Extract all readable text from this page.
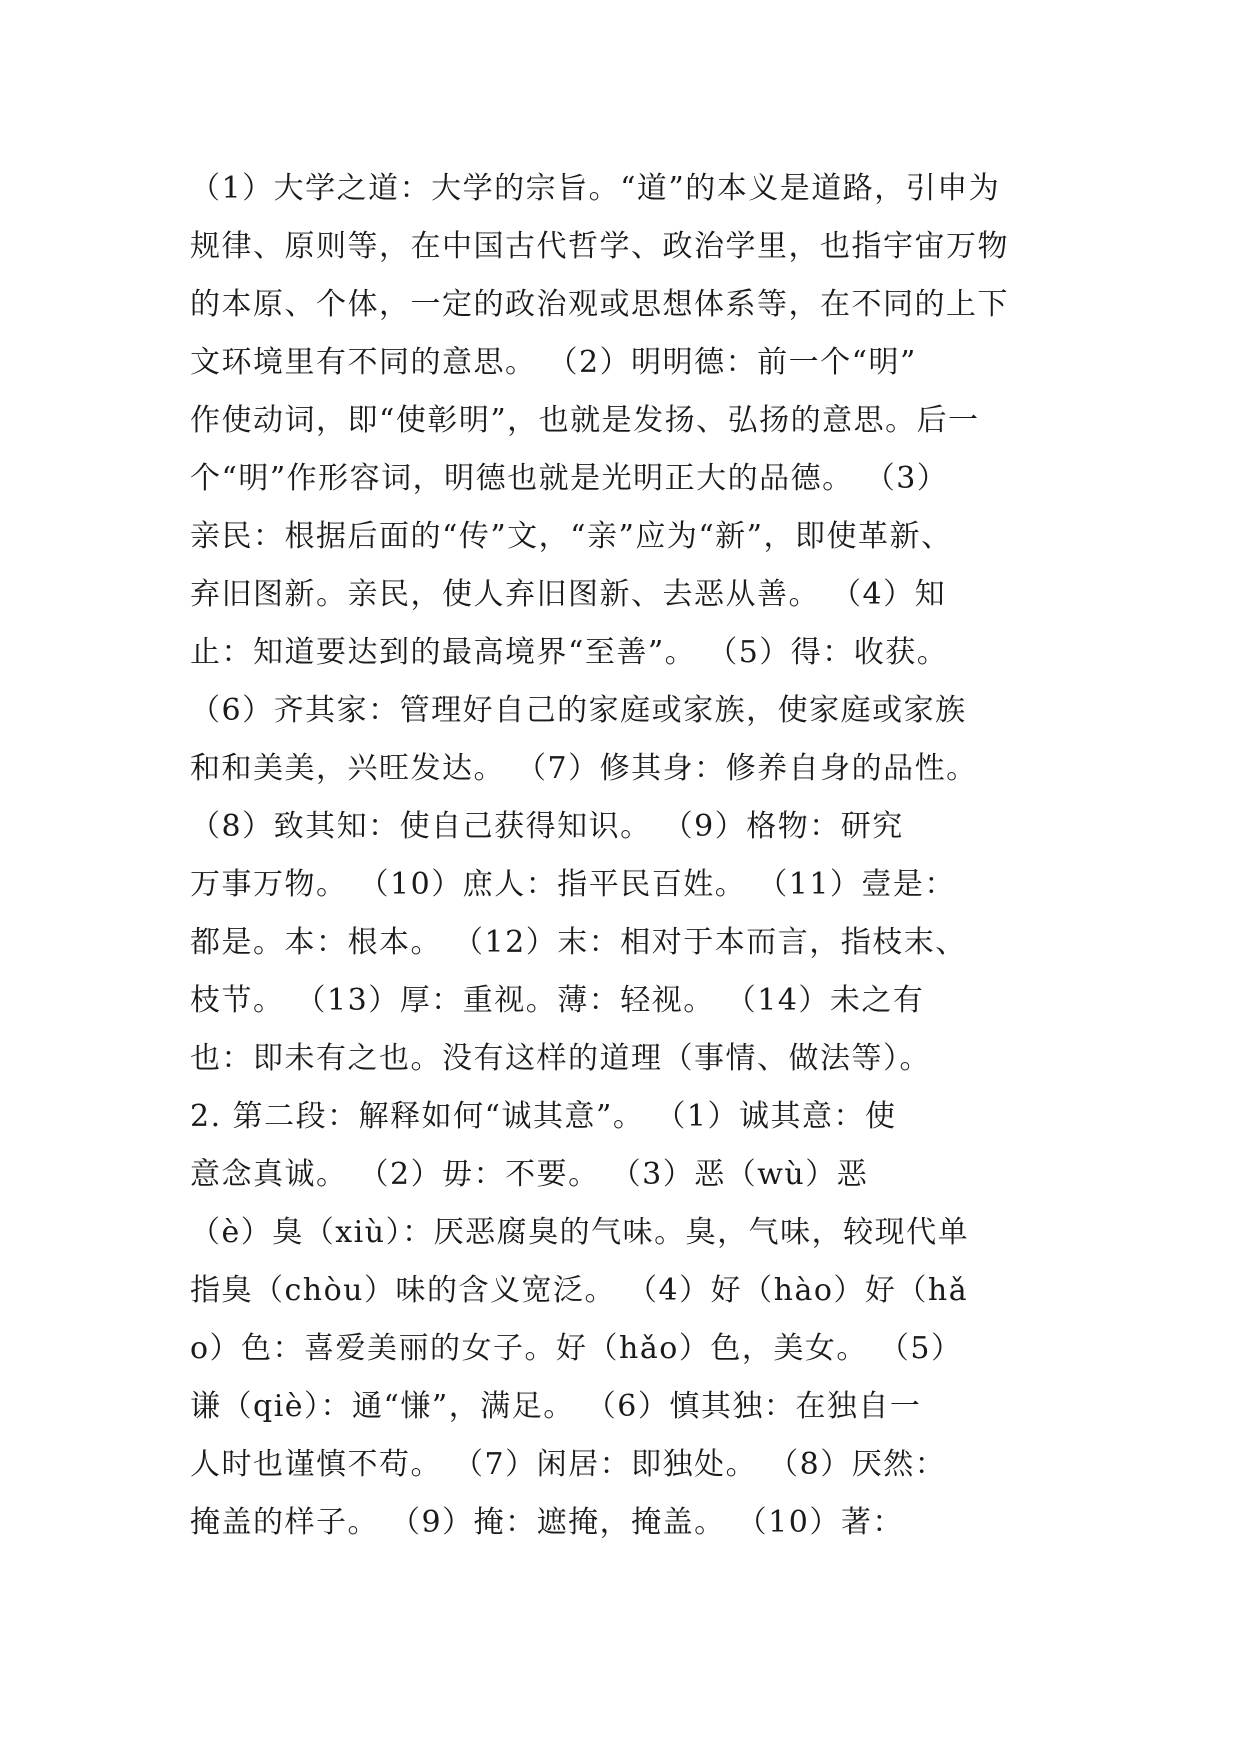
（1）大学之道：大学的宗旨。“道”的本义是道路，引申为
规律、原则等，在中国古代哲学、政治学里，也指宇宙万物
的本原、个体，一定的政治观或思想体系等，在不同的上下
文环境里有不同的意思。 （2）明明德：前一个“明”
作使动词，即“使彰明”，也就是发扬、弘扬的意思。后一
个“明”作形容词，明德也就是光明正大的品德。 （3）
亲民：根据后面的“传”文，“亲”应为“新”，即使革新、
弃旧图新。亲民，使人弃旧图新、去恶从善。 （4）知
止：知道要达到的最高境界“至善”。 （5）得：收获。
（6）齐其家：管理好自己的家庭或家族，使家庭或家族
和和美美，兴旺发达。 （7）修其身：修养自身的品性。
（8）致其知：使自己获得知识。 （9）格物：研究
万事万物。 （10）庶人：指平民百姓。 （11）壹是：
都是。本：根本。 （12）末：相对于本而言，指枝末、
枝节。 （13）厚：重视。薄：轻视。 （14）未之有
也：即未有之也。没有这样的道理（事情、做法等）。
2. 第二段：解释如何“诚其意”。 （1）诚其意：使
意念真诚。 （2）毋：不要。 （3）恶（wù）恶
（è）臭（xiù）：厌恶腐臭的气味。臭，气味，较现代单
指臭（chòu）味的含义宽泛。 （4）好（hào）好（hǎ
o）色：喜爱美丽的女子。好（hǎo）色，美女。 （5）
谦（qiè）：通“慊”，满足。 （6）慎其独：在独自一
人时也谨慎不苟。 （7）闲居：即独处。 （8）厌然：
掩盖的样子。 （9）掩：遮掩，掩盖。 （10）著：
